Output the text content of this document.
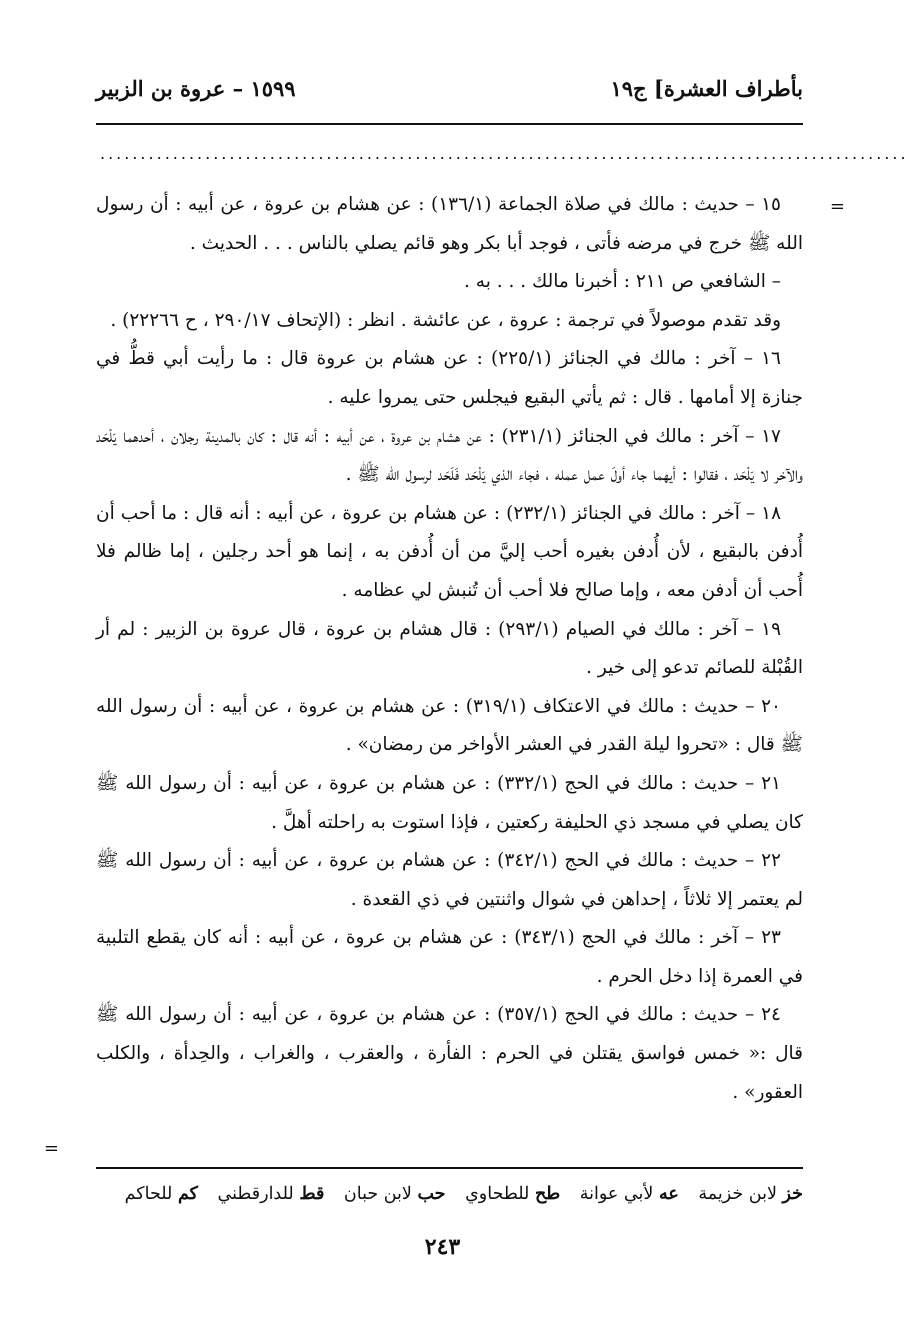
بأطراف العشرة] ج١٩
١٥٩٩ – عروة بن الزبير
....................................................................................................
=
=

١٥ – حديث : مالك في صلاة الجماعة (١٣٦/١) : عن هشام بن عروة ، عن أبيه : أن رسول الله ﷺ خرج في مرضه فأتى ، فوجد أبا بكر وهو قائم يصلي بالناس . . . الحديث .

– الشافعي ص ٢١١ : أخبرنا مالك . . . به .

وقد تقدم موصولاً في ترجمة : عروة ، عن عائشة . انظر : (الإتحاف ٢٩٠/١٧ ، ح ٢٢٢٦٦) .

١٦ – آخر : مالك في الجنائز (٢٢٥/١) : عن هشام بن عروة قال : ما رأيت أبي قطُّ في جنازة إلا أمامها . قال : ثم يأتي البقيع فيجلس حتى يمروا عليه .

١٧ – آخر : مالك في الجنائز (٢٣١/١) : عن هشام بن عروة ، عن أبيه : أنه قال : كان بالمدينة رجلان ، أحدهما يَلْحَد والآخر لا يَلْحَد ، فقالوا : أيهما جاء أولَ عمل عمله ، فجاء الذي يَلْحَد فَلَحَد لرسول الله ﷺ .

١٨ – آخر : مالك في الجنائز (٢٣٢/١) : عن هشام بن عروة ، عن أبيه : أنه قال : ما أحب أن أُدفن بالبقيع ، لأن أُدفن بغيره أحب إليَّ من أن أُدفن به ، إنما هو أحد رجلين ، إما ظالم فلا أُحب أن أدفن معه ، وإما صالح فلا أحب أن تُنبش لي عظامه .

١٩ – آخر : مالك في الصيام (٢٩٣/١) : قال هشام بن عروة ، قال عروة بن الزبير : لم أر القُبْلة للصائم تدعو إلى خير .

٢٠ – حديث : مالك في الاعتكاف (٣١٩/١) : عن هشام بن عروة ، عن أبيه : أن رسول الله ﷺ قال : «تحروا ليلة القدر في العشر الأواخر من رمضان» .

٢١ – حديث : مالك في الحج (٣٣٢/١) : عن هشام بن عروة ، عن أبيه : أن رسول الله ﷺ كان يصلي في مسجد ذي الحليفة ركعتين ، فإذا استوت به راحلته أهلَّ .

٢٢ – حديث : مالك في الحج (٣٤٢/١) : عن هشام بن عروة ، عن أبيه : أن رسول الله ﷺ لم يعتمر إلا ثلاثاً ، إحداهن في شوال واثنتين في ذي القعدة .

٢٣ – آخر : مالك في الحج (٣٤٣/١) : عن هشام بن عروة ، عن أبيه : أنه كان يقطع التلبية في العمرة إذا دخل الحرم .

٢٤ – حديث : مالك في الحج (٣٥٧/١) : عن هشام بن عروة ، عن أبيه : أن رسول الله ﷺ قال :« خمس فواسق يقتلن في الحرم : الفأرة ، والعقرب ، والغراب ، والحِدأة ، والكلب العقور» .

خز لابن خزيمة عه لأبي عوانة طح للطحاوي حب لابن حبان قط للدارقطني كم للحاكم
٢٤٣
